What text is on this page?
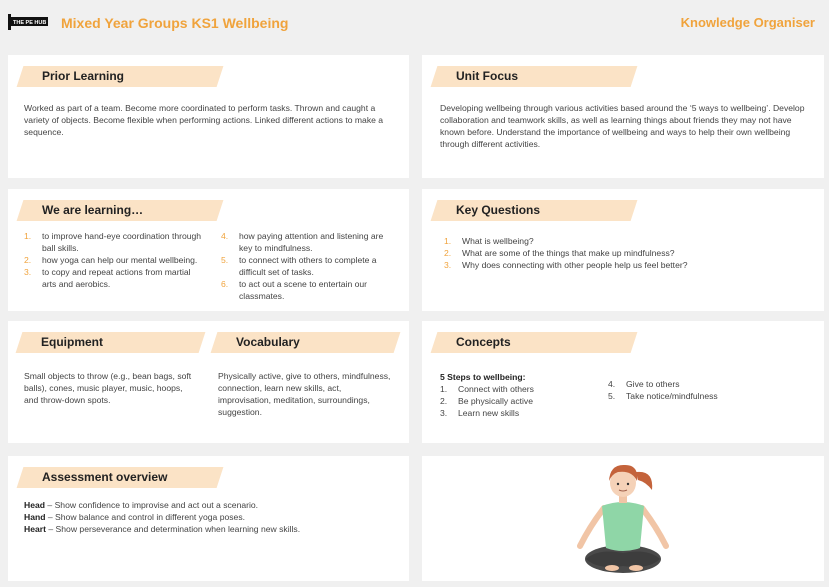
THE PE HUB Mixed Year Groups KS1 Wellbeing	Knowledge Organiser
Prior Learning
Worked as part of a team. Become more coordinated to perform tasks. Thrown and caught a variety of objects. Become flexible when performing actions. Linked different actions to make a sequence.
Unit Focus
Developing wellbeing through various activities based around the ‘5 ways to wellbeing’. Develop collaboration and teamwork skills, as well as learning things about friends they may not have known before. Understand the importance of wellbeing and ways to help their own wellbeing through different activities.
We are learning…
1. to improve hand-eye coordination through ball skills.
2. how yoga can help our mental wellbeing.
3. to copy and repeat actions from martial arts and aerobics.
4. how paying attention and listening are key to mindfulness.
5. to connect with others to complete a difficult set of tasks.
6. to act out a scene to entertain our classmates.
Key Questions
1. What is wellbeing?
2. What are some of the things that make up mindfulness?
3. Why does connecting with other people help us feel better?
Equipment	Vocabulary
Small objects to throw (e.g., bean bags, soft balls), cones, music player, music, hoops, and throw-down spots.
Physically active, give to others, mindfulness, connection, learn new skills, act, improvisation, meditation, surroundings, suggestion.
Concepts
5 Steps to wellbeing:
1. Connect with others
2. Be physically active
3. Learn new skills
4. Give to others
5. Take notice/mindfulness
Assessment overview
Head – Show confidence to improvise and act out a scenario.
Hand – Show balance and control in different yoga poses.
Heart – Show perseverance and determination when learning new skills.
